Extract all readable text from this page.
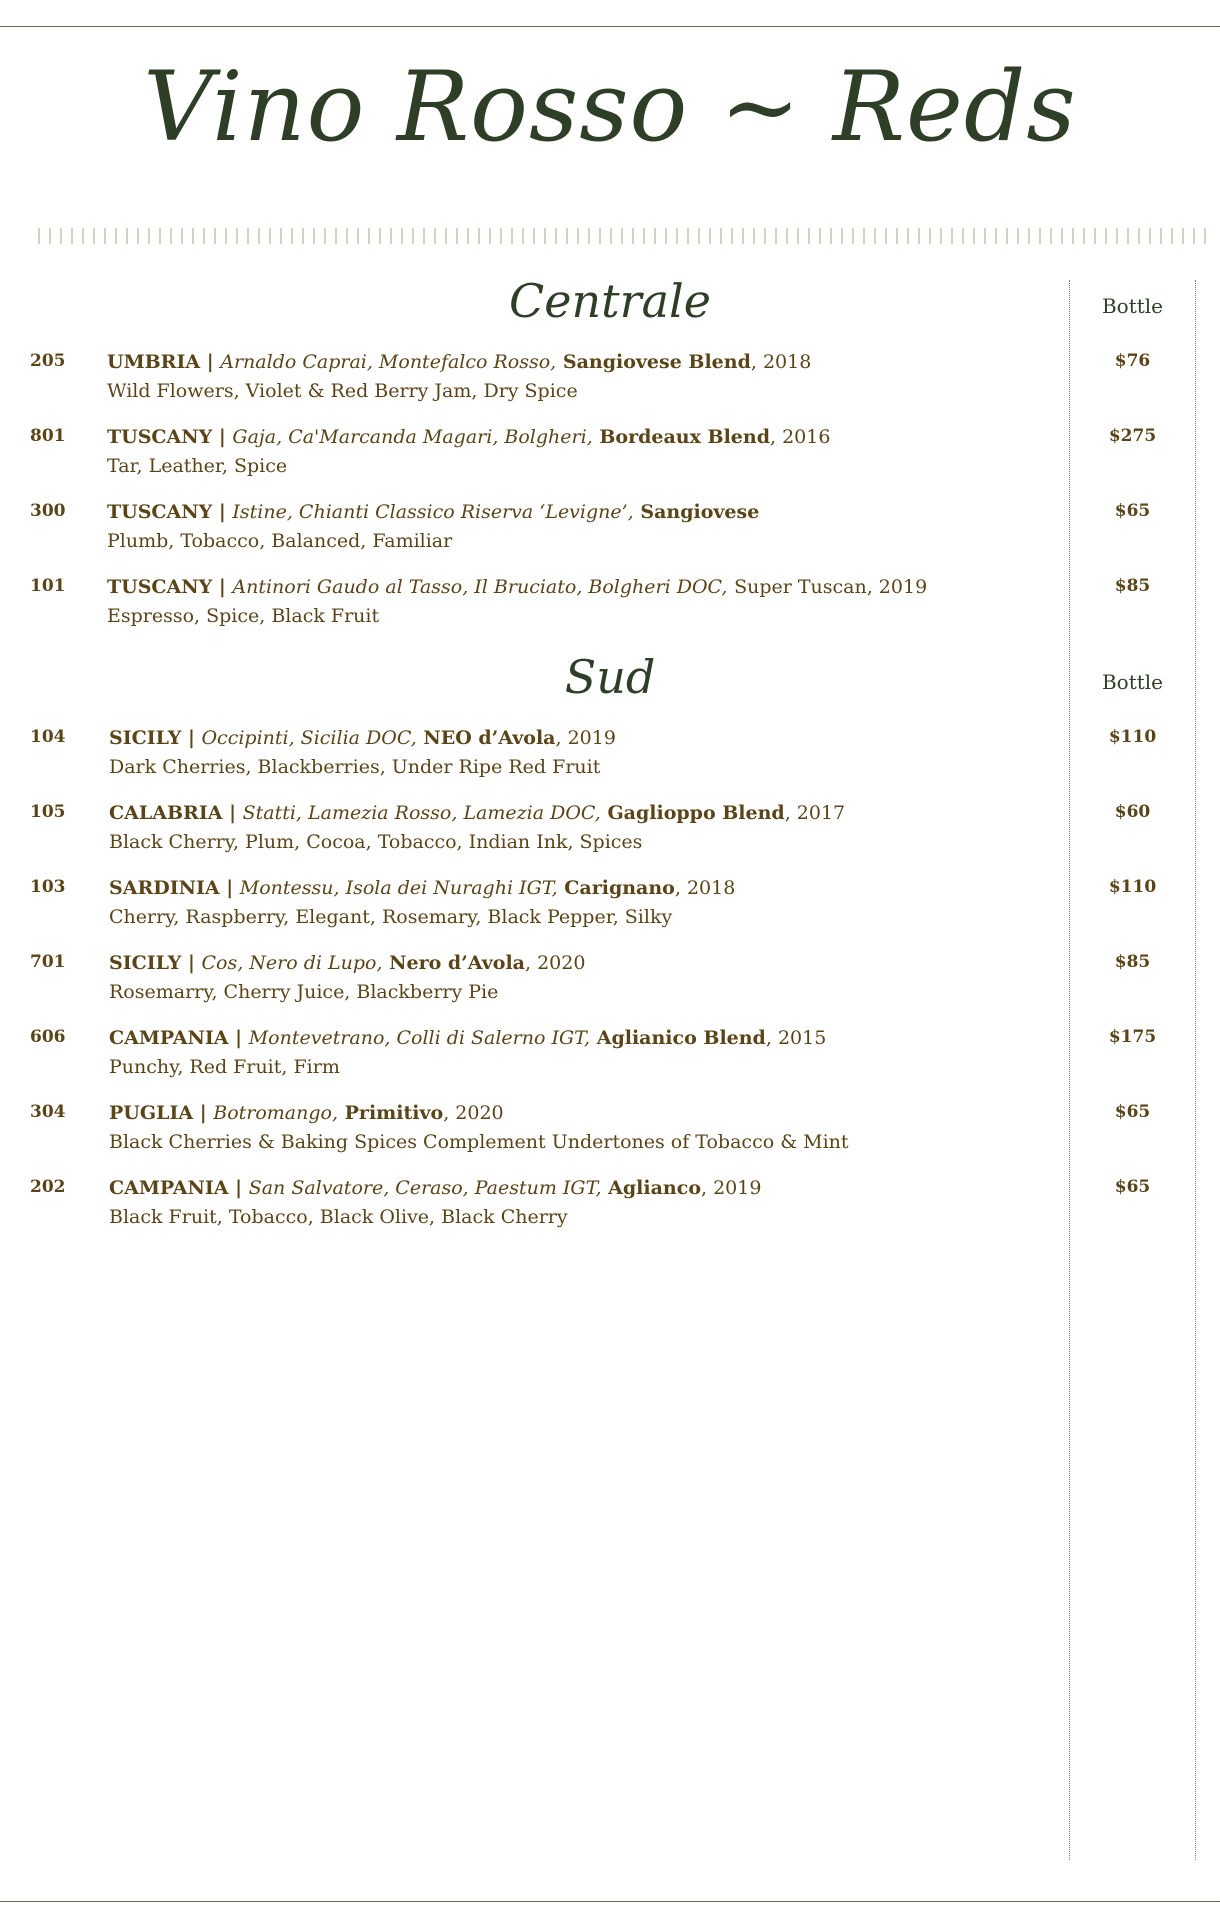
Vino Rosso ~ Reds
Centrale	Bottle
205 UMBRIA | Arnaldo Caprai, Montefalco Rosso, Sangiovese Blend, 2018
Wild Flowers, Violet & Red Berry Jam, Dry Spice
$76
801 TUSCANY | Gaja, Ca'Marcanda Magari, Bolgheri, Bordeaux Blend, 2016
Tar, Leather, Spice
$275
300 TUSCANY | Istine, Chianti Classico Riserva ‘Levigne’, Sangiovese
Plumb, Tobacco, Balanced, Familiar
$65
101 TUSCANY | Antinori Gaudo al Tasso, Il Bruciato, Bolgheri DOC, Super Tuscan, 2019
Espresso, Spice, Black Fruit
$85
Sud	Bottle
104 SICILY | Occipinti, Sicilia DOC, NEO d’Avola, 2019
Dark Cherries, Blackberries, Under Ripe Red Fruit
$110
105 CALABRIA | Statti, Lamezia Rosso, Lamezia DOC, Gaglioppo Blend, 2017
Black Cherry, Plum, Cocoa, Tobacco, Indian Ink, Spices
$60
103 SARDINIA | Montessu, Isola dei Nuraghi IGT, Carignano, 2018
Cherry, Raspberry, Elegant, Rosemary, Black Pepper, Silky
$110
701 SICILY | Cos, Nero di Lupo, Nero d’Avola, 2020
Rosemarry, Cherry Juice, Blackberry Pie
$85
606 CAMPANIA | Montevetrano, Colli di Salerno IGT, Aglianico Blend, 2015
Punchy, Red Fruit, Firm
$175
304 PUGLIA | Botromango, Primitivo, 2020
Black Cherries & Baking Spices Complement Undertones of Tobacco & Mint
$65
202 CAMPANIA | San Salvatore, Ceraso, Paestum IGT, Aglianco, 2019
Black Fruit, Tobacco, Black Olive, Black Cherry
$65
